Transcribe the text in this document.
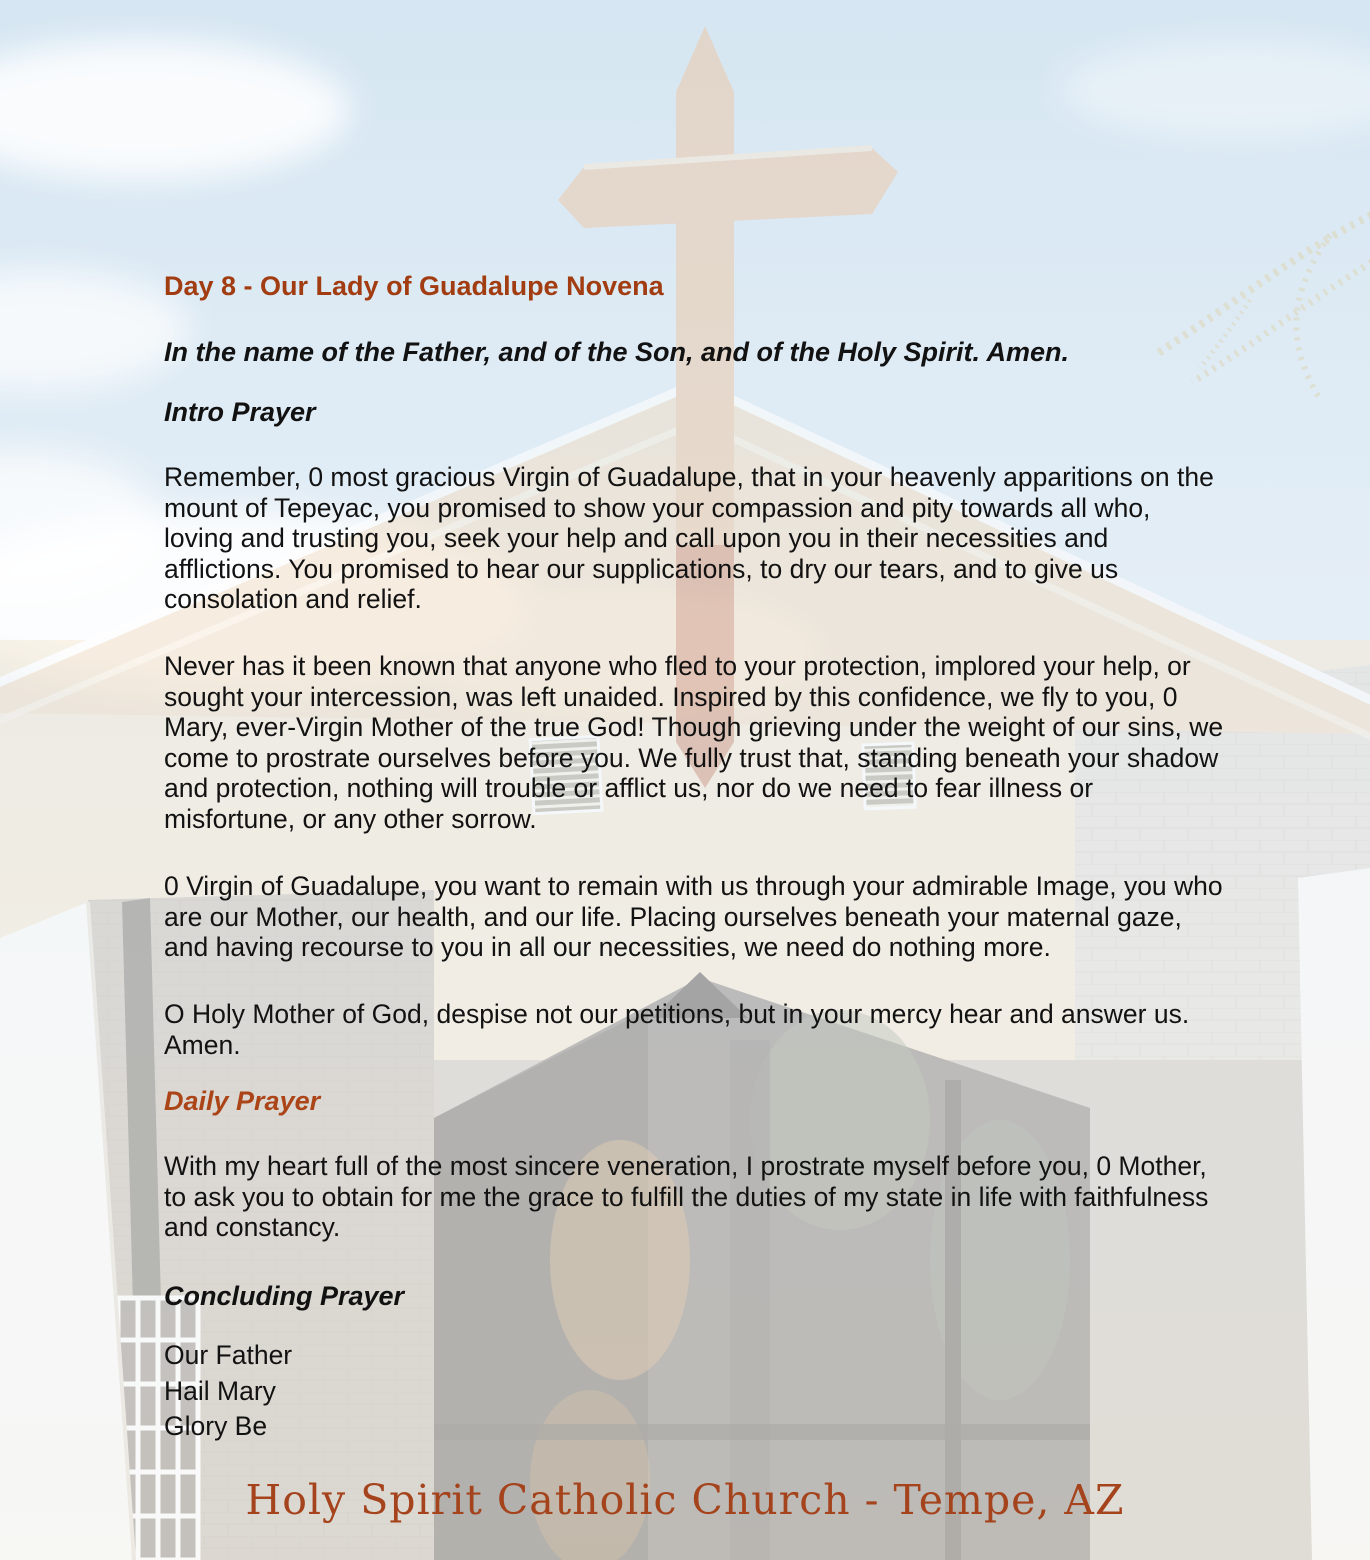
Day 8 - Our Lady of Guadalupe Novena

In the name of the Father, and of the Son, and of the Holy Spirit. Amen.

Intro Prayer

Remember, 0 most gracious Virgin of Guadalupe, that in your heavenly apparitions on the mount of Tepeyac, you promised to show your compassion and pity towards all who, loving and trusting you, seek your help and call upon you in their necessities and afflictions. You promised to hear our supplications, to dry our tears, and to give us consolation and relief.

Never has it been known that anyone who fled to your protection, implored your help, or sought your intercession, was left unaided. Inspired by this confidence, we fly to you, 0 Mary, ever-Virgin Mother of the true God! Though grieving under the weight of our sins, we come to prostrate ourselves before you. We fully trust that, standing beneath your shadow and protection, nothing will trouble or afflict us, nor do we need to fear illness or misfortune, or any other sorrow.

0 Virgin of Guadalupe, you want to remain with us through your admirable Image, you who are our Mother, our health, and our life. Placing ourselves beneath your maternal gaze, and having recourse to you in all our necessities, we need do nothing more.

O Holy Mother of God, despise not our petitions, but in your mercy hear and answer us. Amen.

Daily Prayer

With my heart full of the most sincere veneration, I prostrate myself before you, 0 Mother, to ask you to obtain for me the grace to fulfill the duties of my state in life with faithfulness and constancy.

Concluding Prayer
Our Father
Hail Mary
Glory Be
Holy Spirit Catholic Church - Tempe, AZ
